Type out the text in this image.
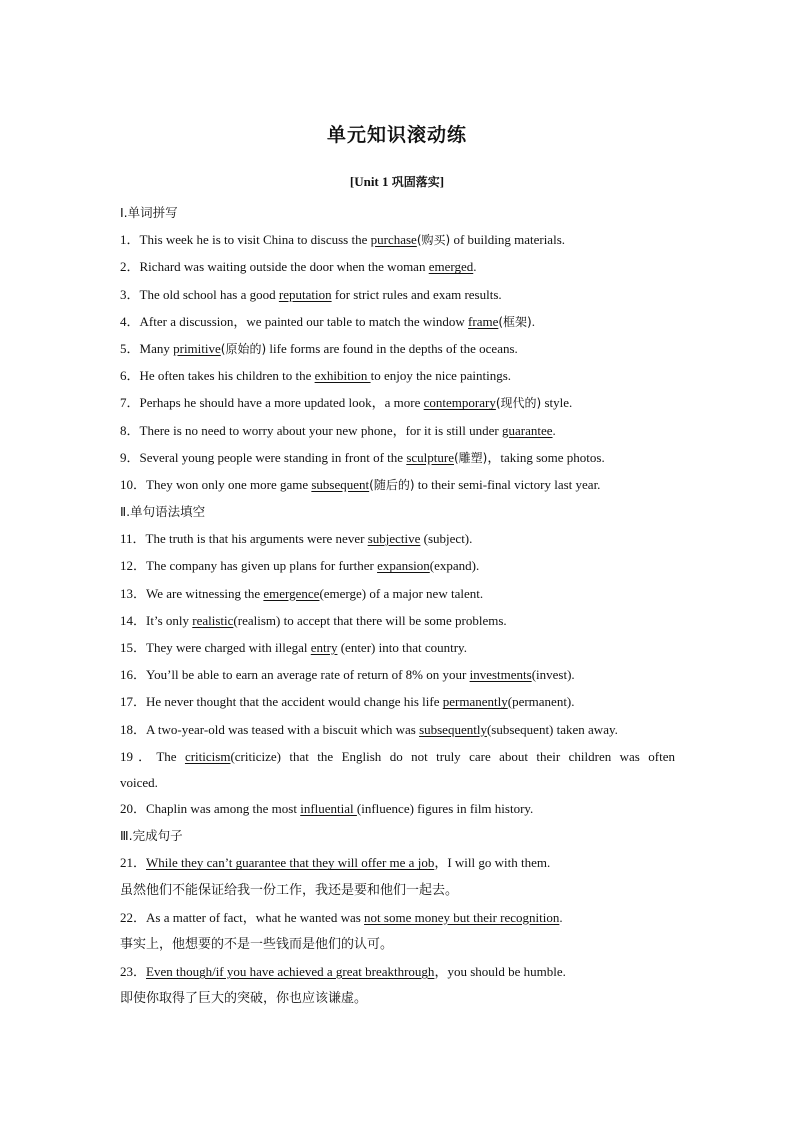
单元知识滚动练
[Unit 1 巩固落实]
Ⅰ.单词拼写
1．This week he is to visit China to discuss the purchase(购买) of building materials.
2．Richard was waiting outside the door when the woman emerged.
3．The old school has a good reputation for strict rules and exam results.
4．After a discussion，we painted our table to match the window frame(框架).
5．Many primitive(原始的) life forms are found in the depths of the oceans.
6．He often takes his children to the exhibition to enjoy the nice paintings.
7．Perhaps he should have a more updated look，a more contemporary(现代的) style.
8．There is no need to worry about your new phone，for it is still under guarantee.
9．Several young people were standing in front of the sculpture(雕塑)，taking some photos.
10．They won only one more game subsequent(随后的) to their semi-final victory last year.
Ⅱ.单句语法填空
11．The truth is that his arguments were never subjective (subject).
12．The company has given up plans for further expansion(expand).
13．We are witnessing the emergence(emerge) of a major new talent.
14．It’s only realistic(realism) to accept that there will be some problems.
15．They were charged with illegal entry (enter) into that country.
16．You’ll be able to earn an average rate of return of 8% on your investments(invest).
17．He never thought that the accident would change his life permanently(permanent).
18．A two-year-old was teased with a biscuit which was subsequently(subsequent) taken away.
19．The criticism(criticize) that the English do not truly care about their children was often
voiced.
20．Chaplin was among the most influential (influence) figures in film history.
Ⅲ.完成句子
21．While they can’t guarantee that they will offer me a job，I will go with them.
虽然他们不能保证给我一份工作，我还是要和他们一起去。
22．As a matter of fact，what he wanted was not some money but their recognition.
事实上，他想要的不是一些钱而是他们的认可。
23．Even though/if you have achieved a great breakthrough，you should be humble.
即使你取得了巨大的突破，你也应该谦虚。
